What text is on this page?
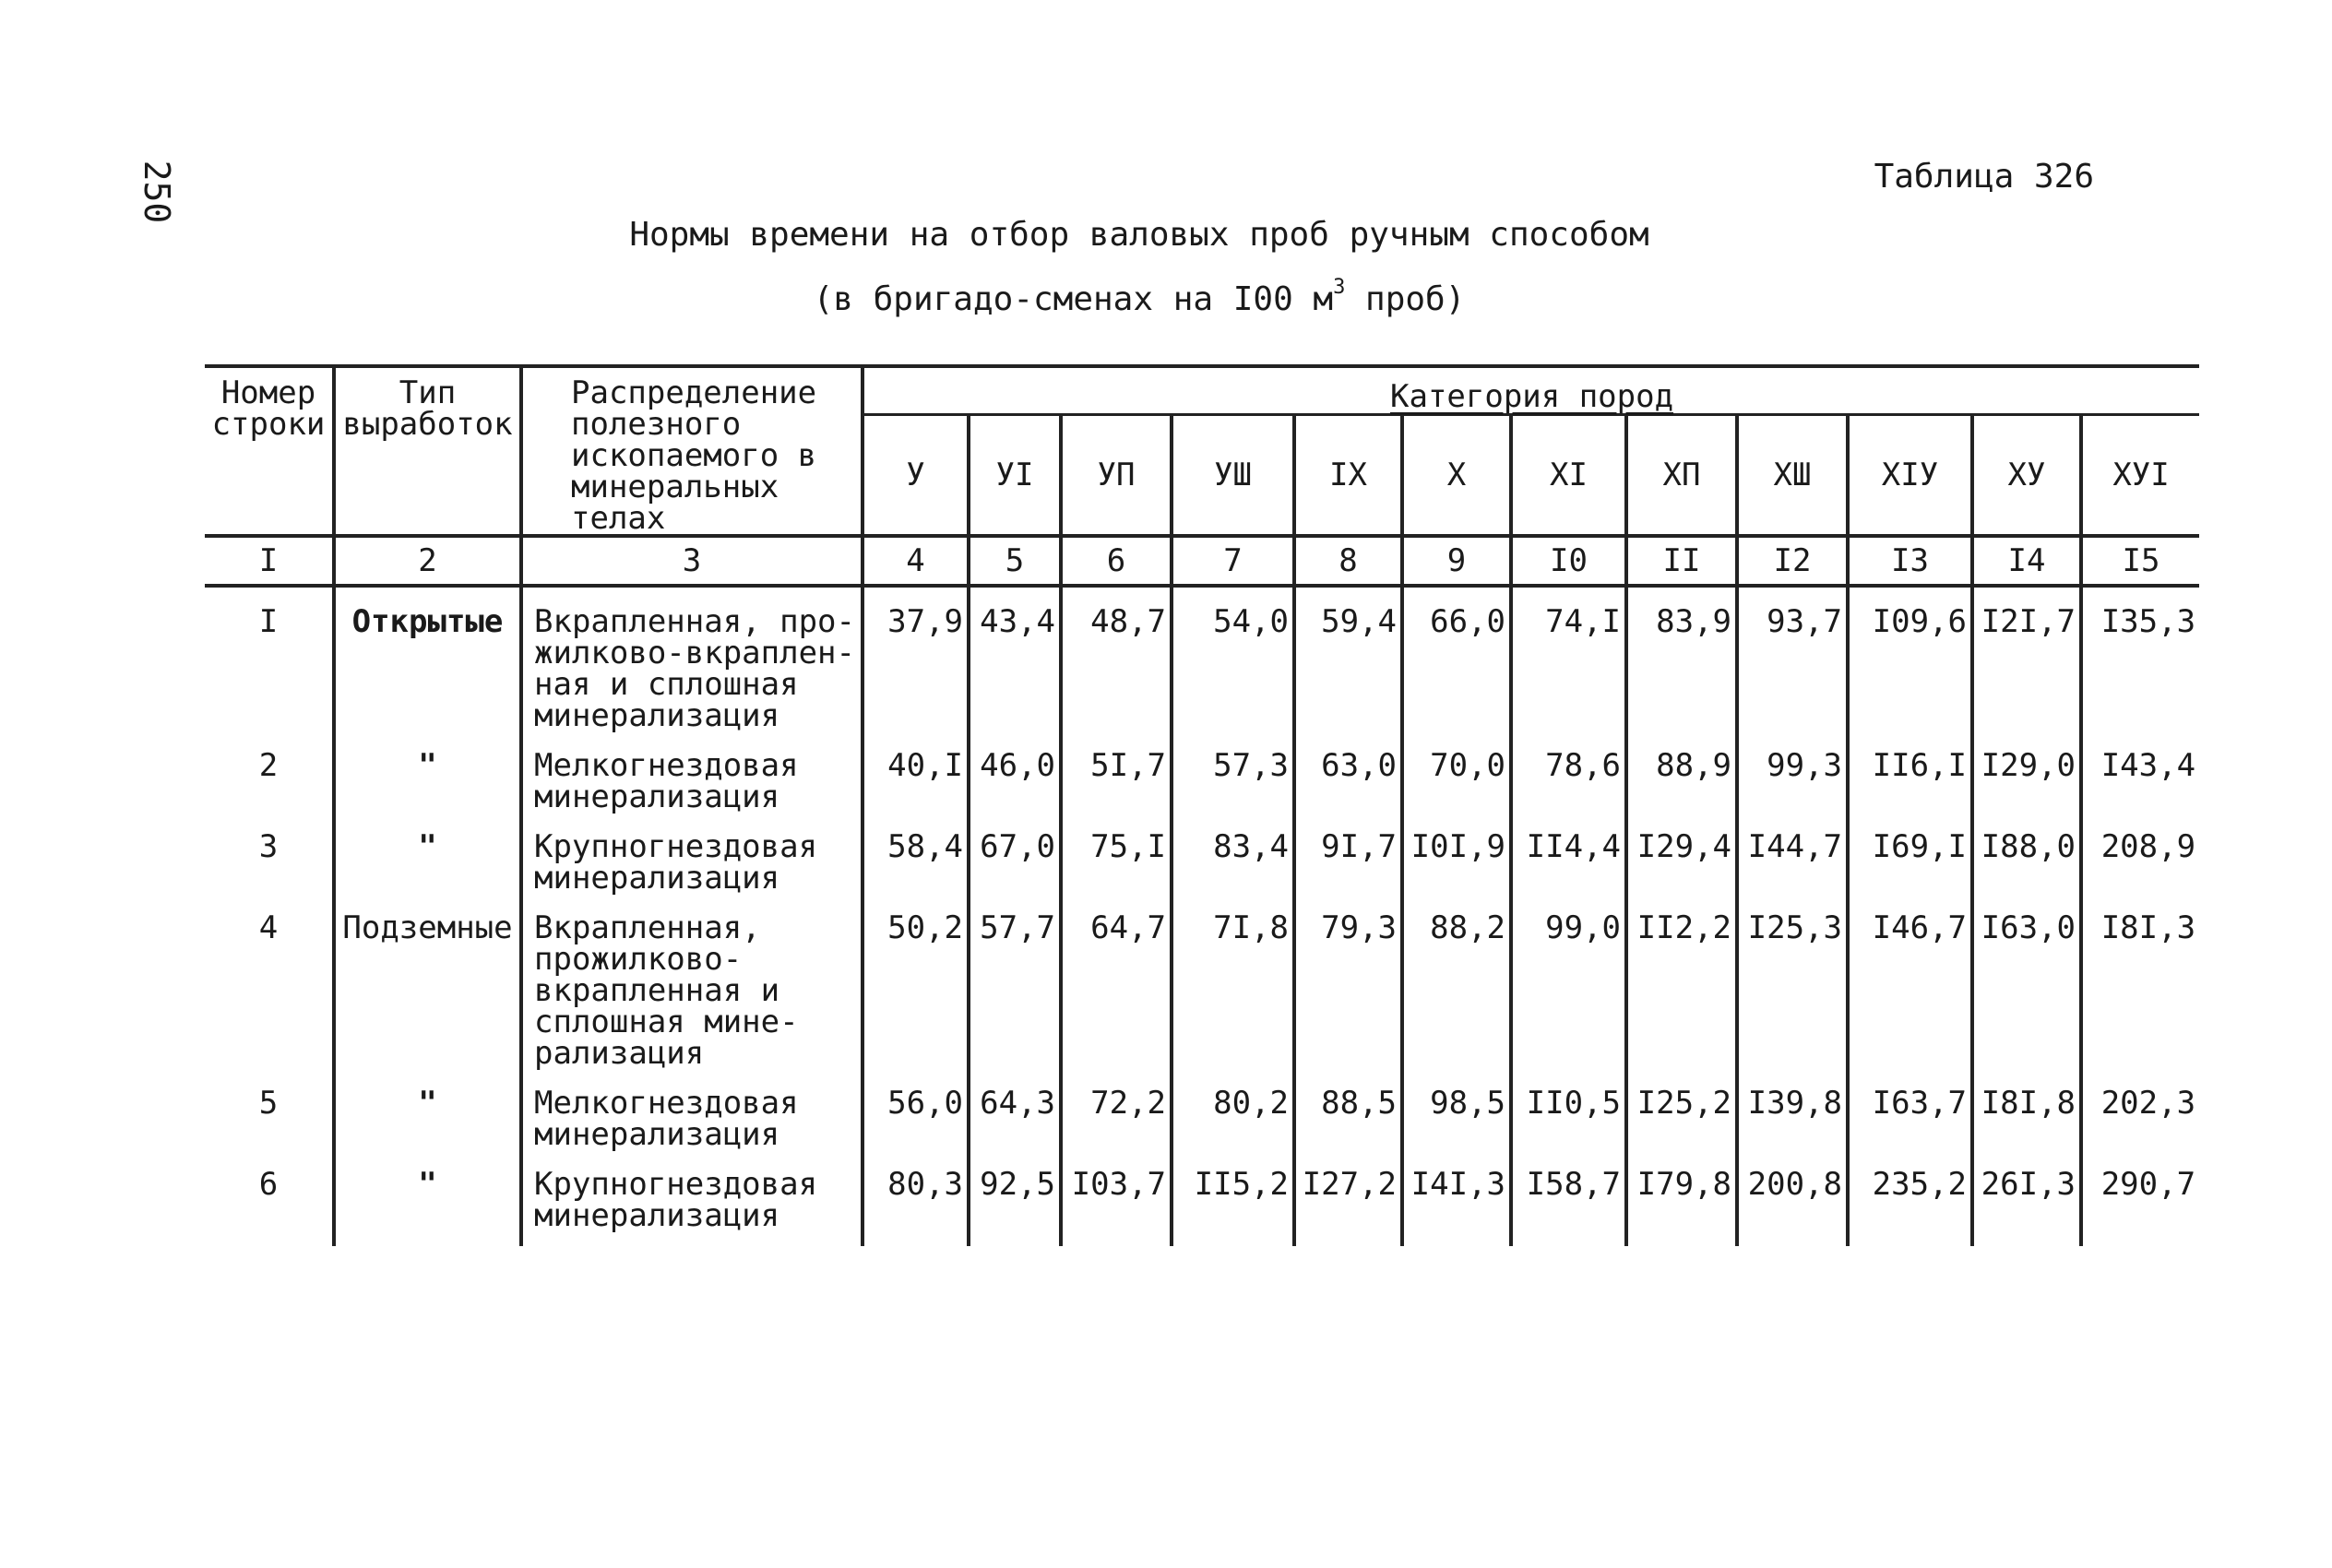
250	Таблица 326
Нормы времени на отбор валовых проб ручным способом
(в бригадо-сменах на I00 $м^3$ проб)
Номер строки	Тип выработок	Распределение полезного ископаемого в минеральных телах	Категория пород											
			У	УI	УП	УШ	IX	X	XI	XП	XШ	XIУ	XУ	XУI
I	2	3	4	5	6	7	8	9	I0	II	I2	I3	I4	I5
I	Открытые	Вкрапленная, про-жилково-вкраплен-ная и сплошная минерализация	37,9	43,4	48,7	54,0	59,4	66,0	74,I	83,9	93,7	I09,6	I2I,7	I35,3
2	"	Мелкогнездовая минерализация	40,I	46,0	5I,7	57,3	63,0	70,0	78,6	88,9	99,3	II6,I	I29,0	I43,4
3	"	Крупногнездовая минерализация	58,4	67,0	75,I	83,4	9I,7	I0I,9	II4,4	I29,4	I44,7	I69,I	I88,0	208,9
4	Подземные	Вкрапленная, прожилково-вкрапленная и сплошная мине-рализация	50,2	57,7	64,7	7I,8	79,3	88,2	99,0	II2,2	I25,3	I46,7	I63,0	I8I,3
5	"	Мелкогнездовая минерализация	56,0	64,3	72,2	80,2	88,5	98,5	II0,5	I25,2	I39,8	I63,7	I8I,8	202,3
6	"	Крупногнездовая минерализация	80,3	92,5	I03,7	II5,2	I27,2	I4I,3	I58,7	I79,8	200,8	235,2	26I,3	290,7
